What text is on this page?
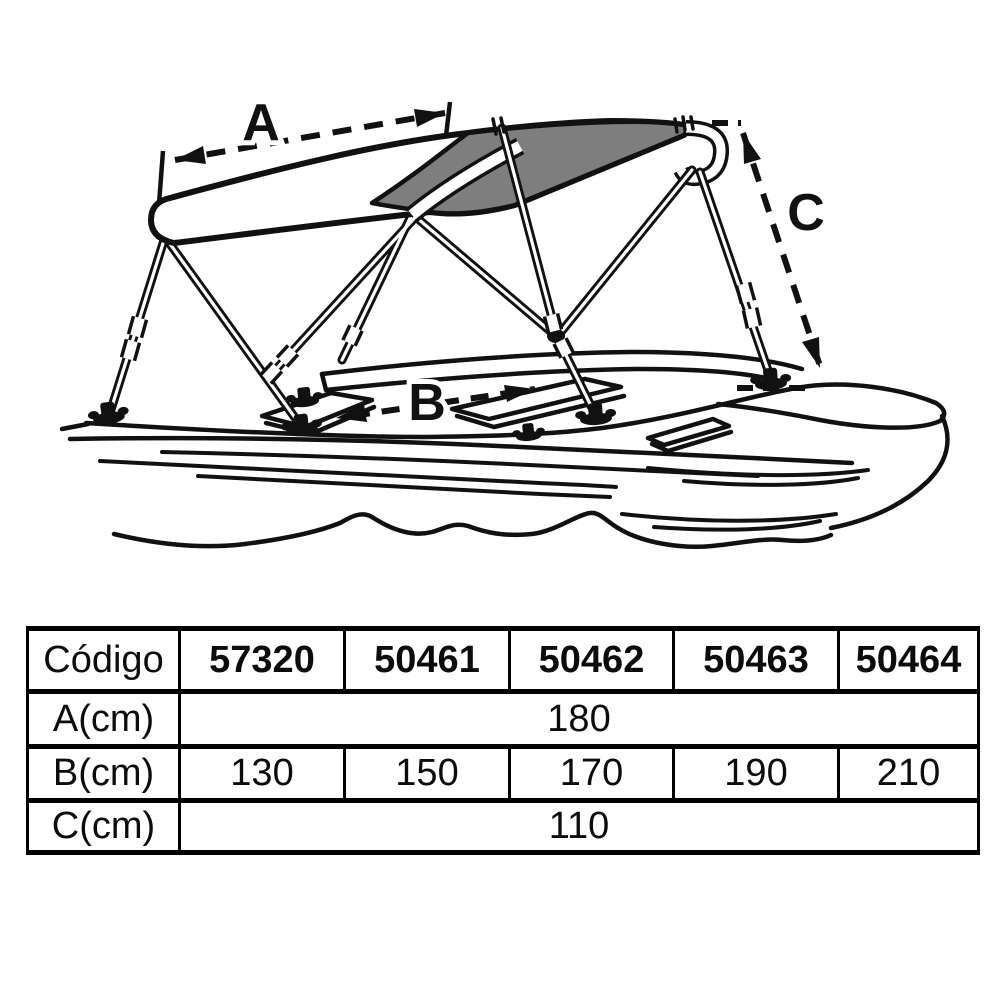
A
B
C
Código	57320	50461	50462	50463	50464
A(cm)	180				
B(cm)	130	150	170	190	210
C(cm)	110				
